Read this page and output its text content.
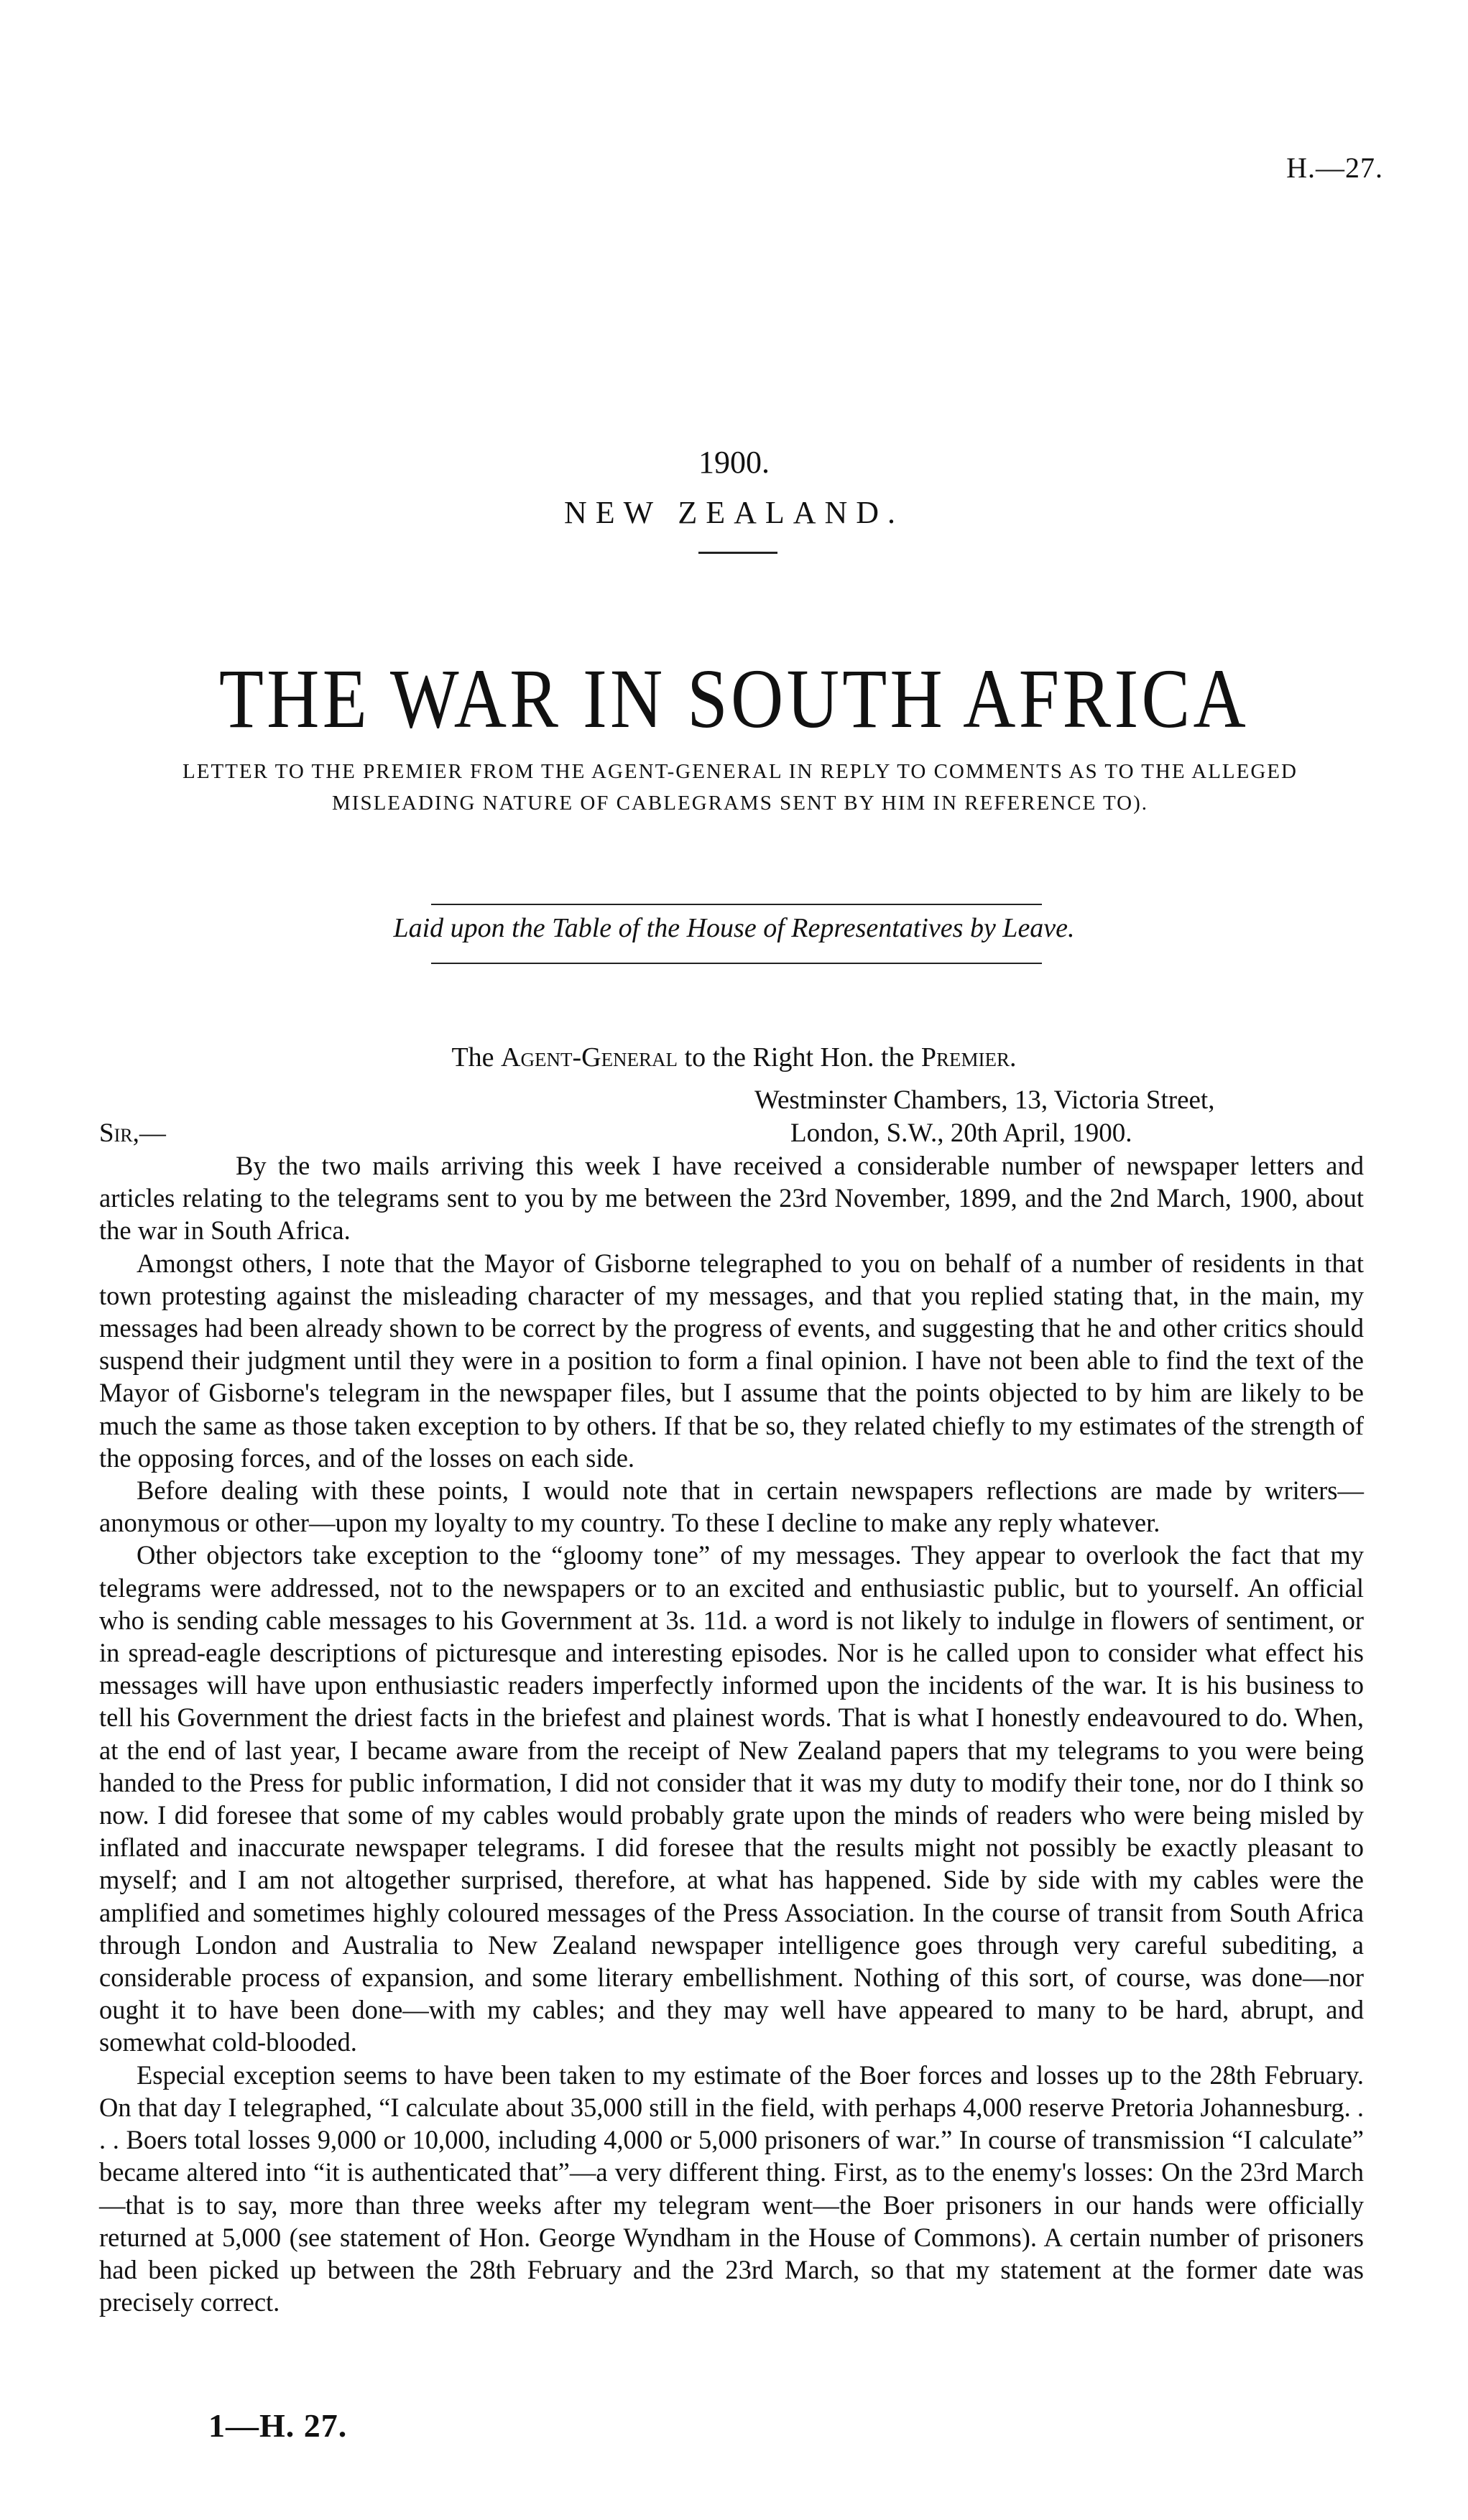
H.—27.
1900.
NEW ZEALAND.
THE WAR IN SOUTH AFRICA
LETTER TO THE PREMIER FROM THE AGENT-GENERAL IN REPLY TO COMMENTS AS TO THE ALLEGED MISLEADING NATURE OF CABLEGRAMS SENT BY HIM IN REFERENCE TO).
Laid upon the Table of the House of Representatives by Leave.
The Agent-General to the Right Hon. the Premier.
Westminster Chambers, 13, Victoria Street,
London, S.W., 20th April, 1900.
Sir,—

By the two mails arriving this week I have received a considerable number of newspaper letters and articles relating to the telegrams sent to you by me between the 23rd November, 1899, and the 2nd March, 1900, about the war in South Africa.

Amongst others, I note that the Mayor of Gisborne telegraphed to you on behalf of a number of residents in that town protesting against the misleading character of my messages, and that you replied stating that, in the main, my messages had been already shown to be correct by the progress of events, and suggesting that he and other critics should suspend their judgment until they were in a position to form a final opinion. I have not been able to find the text of the Mayor of Gisborne's telegram in the newspaper files, but I assume that the points objected to by him are likely to be much the same as those taken exception to by others. If that be so, they related chiefly to my estimates of the strength of the opposing forces, and of the losses on each side.

Before dealing with these points, I would note that in certain newspapers reflections are made by writers—anonymous or other—upon my loyalty to my country. To these I decline to make any reply whatever.

Other objectors take exception to the “gloomy tone” of my messages. They appear to overlook the fact that my telegrams were addressed, not to the newspapers or to an excited and enthusiastic public, but to yourself. An official who is sending cable messages to his Government at 3s. 11d. a word is not likely to indulge in flowers of sentiment, or in spread-eagle descriptions of picturesque and interesting episodes. Nor is he called upon to consider what effect his messages will have upon enthusiastic readers imperfectly informed upon the incidents of the war. It is his business to tell his Government the driest facts in the briefest and plainest words. That is what I honestly endeavoured to do. When, at the end of last year, I became aware from the receipt of New Zealand papers that my telegrams to you were being handed to the Press for public information, I did not consider that it was my duty to modify their tone, nor do I think so now. I did foresee that some of my cables would probably grate upon the minds of readers who were being misled by inflated and inaccurate newspaper telegrams. I did foresee that the results might not possibly be exactly pleasant to myself; and I am not altogether surprised, therefore, at what has happened. Side by side with my cables were the amplified and sometimes highly coloured messages of the Press Association. In the course of transit from South Africa through London and Australia to New Zealand newspaper intelligence goes through very careful subediting, a considerable process of expansion, and some literary embellishment. Nothing of this sort, of course, was done—nor ought it to have been done—with my cables; and they may well have appeared to many to be hard, abrupt, and somewhat cold-blooded.

Especial exception seems to have been taken to my estimate of the Boer forces and losses up to the 28th February. On that day I telegraphed, “I calculate about 35,000 still in the field, with perhaps 4,000 reserve Pretoria Johannesburg. . . . Boers total losses 9,000 or 10,000, including 4,000 or 5,000 prisoners of war.” In course of transmission “I calculate” became altered into “it is authenticated that”—a very different thing. First, as to the enemy's losses: On the 23rd March—that is to say, more than three weeks after my telegram went—the Boer prisoners in our hands were officially returned at 5,000 (see statement of Hon. George Wyndham in the House of Commons). A certain number of prisoners had been picked up between the 28th February and the 23rd March, so that my statement at the former date was precisely correct.

1—H. 27.
